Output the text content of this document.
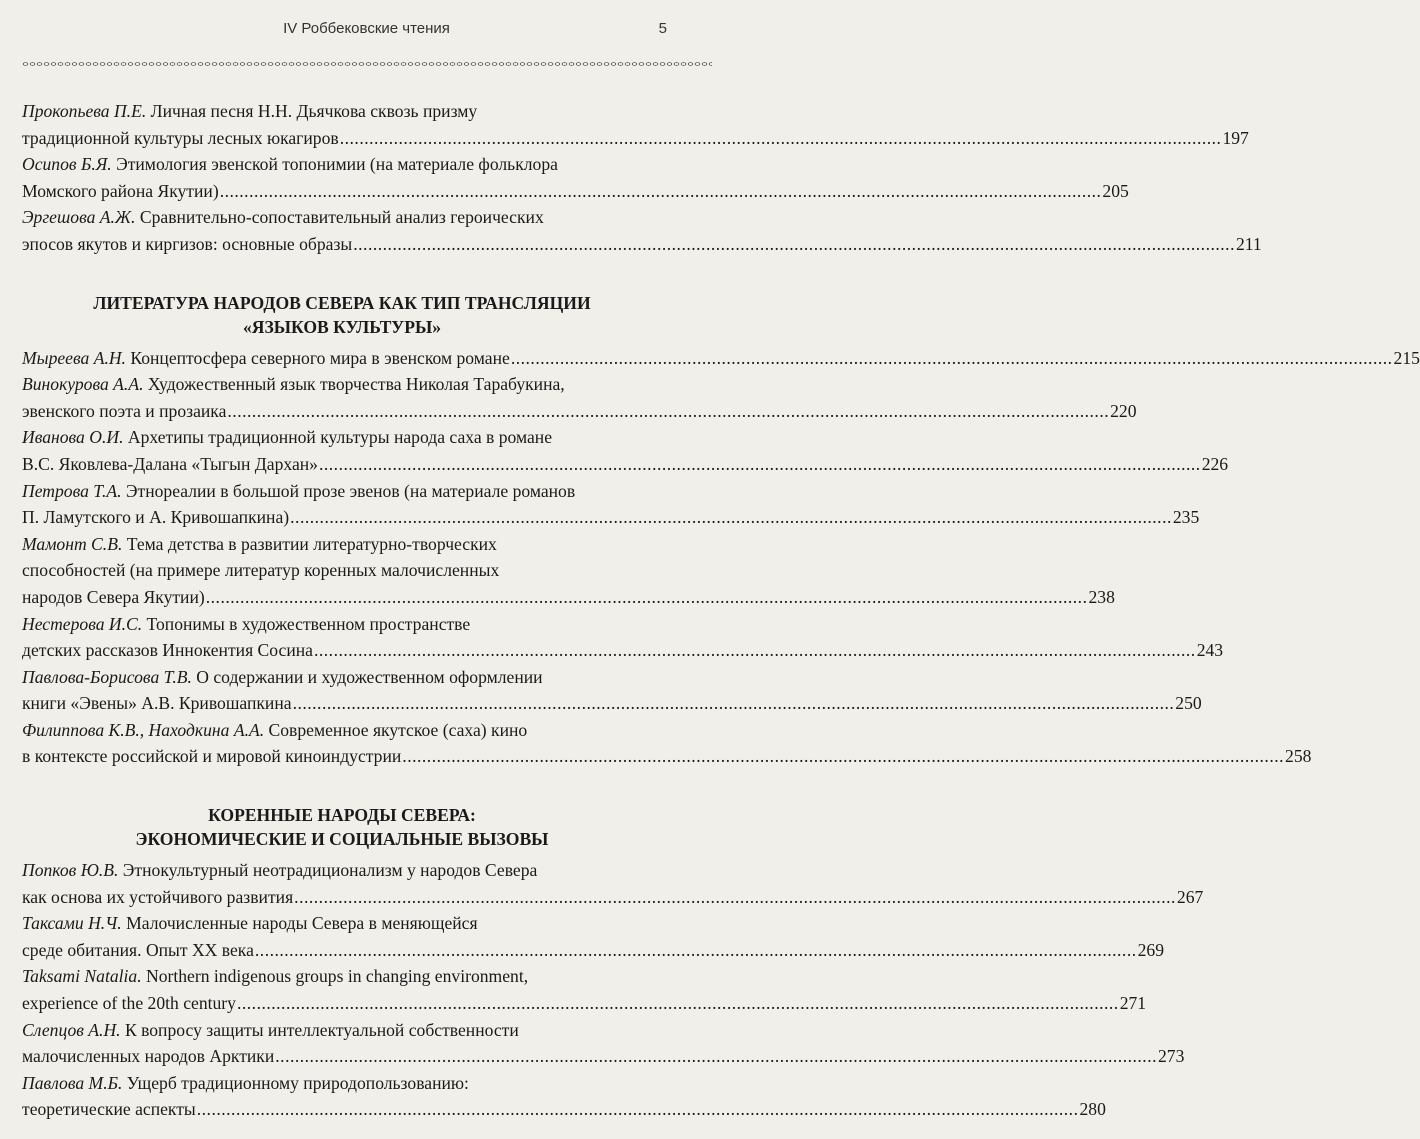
IV Роббековские чтения	5
Прокопьева П.Е. Личная песня Н.Н. Дьячкова сквозь призму
традиционной культуры лесных юкагиров .....	197
Осипов Б.Я. Этимология эвенской топонимии (на материале фольклора
Момского района Якутии) .....	205
Эргешова А.Ж. Сравнительно-сопоставительный анализ героических
эпосов якутов и киргизов: основные образы .....	211
ЛИТЕРАТУРА НАРОДОВ СЕВЕРА КАК ТИП ТРАНСЛЯЦИИ
«ЯЗЫКОВ КУЛЬТУРЫ»
Мыреева А.Н. Концептосфера северного мира в эвенском романе .....	215
Винокурова А.А. Художественный язык творчества Николая Тарабукина,
эвенского поэта и прозаика .....	220
Иванова О.И. Архетипы традиционной культуры народа саха в романе
В.С. Яковлева-Далана «Тыгын Дархан» .....	226
Петрова Т.А. Этнореалии в большой прозе эвенов (на материале романов
П. Ламутского и А. Кривошапкина) .....	235
Мамонт С.В. Тема детства в развитии литературно-творческих
способностей (на примере литератур коренных малочисленных
народов Севера Якутии) .....	238
Нестерова И.С. Топонимы в художественном пространстве
детских рассказов Иннокентия Сосина .....	243
Павлова-Борисова Т.В. О содержании и художественном оформлении
книги «Эвены» А.В. Кривошапкина .....	250
Филиппова К.В., Находкина А.А. Современное якутское (саха) кино
в контексте российской и мировой киноиндустрии .....	258
КОРЕННЫЕ НАРОДЫ СЕВЕРА:
ЭКОНОМИЧЕСКИЕ И СОЦИАЛЬНЫЕ ВЫЗОВЫ
Попков Ю.В. Этнокультурный неотрадиционализм у народов Севера
как основа их устойчивого развития .....	267
Таксами Н.Ч. Малочисленные народы Севера в меняющейся
среде обитания. Опыт XX века .....	269
Taksami Natalia. Northern indigenous groups in changing environment,
experience of the 20th century .....	271
Слепцов А.Н. К вопросу защиты интеллектуальной собственности
малочисленных народов Арктики .....	273
Павлова М.Б. Ущерб традиционному природопользованию:
теоретические аспекты .....	280
